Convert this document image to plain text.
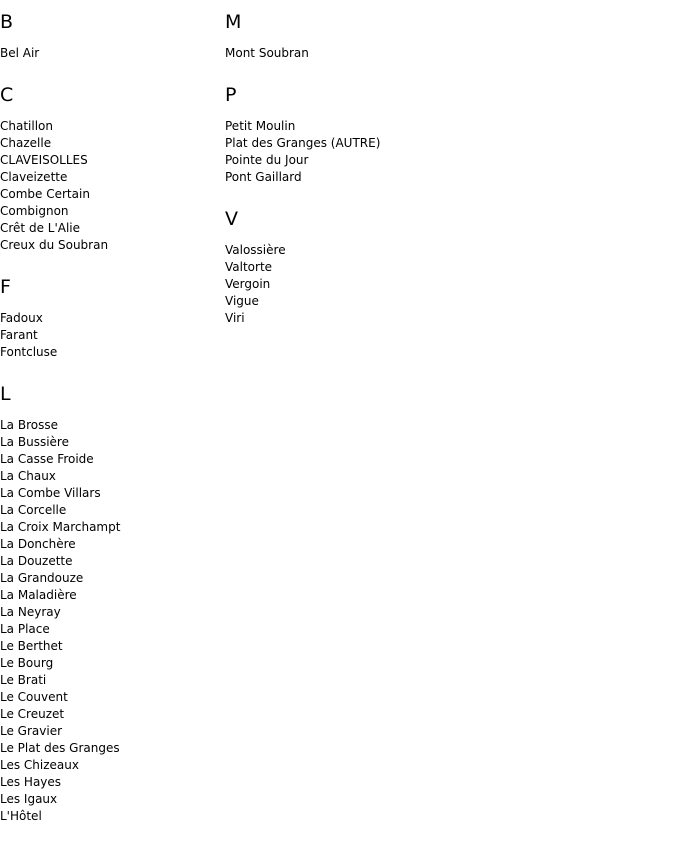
B
Bel Air
C
Chatillon
Chazelle
CLAVEISOLLES
Claveizette
Combe Certain
Combignon
Crêt de L'Alie
Creux du Soubran
F
Fadoux
Farant
Fontcluse
L
La Brosse
La Bussière
La Casse Froide
La Chaux
La Combe Villars
La Corcelle
La Croix Marchampt
La Donchère
La Douzette
La Grandouze
La Maladière
La Neyray
La Place
Le Berthet
Le Bourg
Le Brati
Le Couvent
Le Creuzet
Le Gravier
Le Plat des Granges
Les Chizeaux
Les Hayes
Les Igaux
L'Hôtel
M
Mont Soubran
P
Petit Moulin
Plat des Granges (AUTRE)
Pointe du Jour
Pont Gaillard
V
Valossière
Valtorte
Vergoin
Vigue
Viri
